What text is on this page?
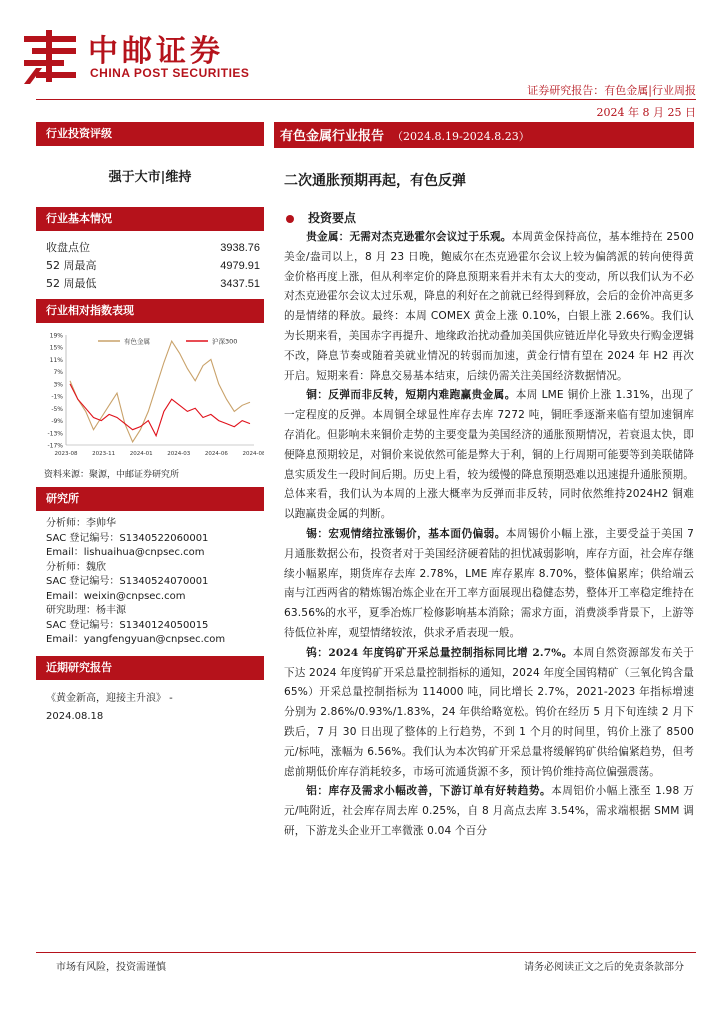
中邮证券
CHINA POST SECURITIES
证券研究报告：有色金属|行业周报
2024 年 8 月 25 日
行业投资评级
强于大市|维持
行业基本情况
收盘点位	3938.76
52 周最高	4979.91
52 周最低	3437.51
行业相对指数表现
19%
15%
11%
7%
3%
-1%
-5%
-9%
-13%
-17%
2023-08	2023-11	2024-01	2024-03	2024-06	2024-08
有色金属	沪深300
资料来源：聚源，中邮证券研究所
研究所
分析师：李帅华
SAC 登记编号：S1340522060001
Email：lishuaihua@cnpsec.com
分析师：魏欣
SAC 登记编号：S1340524070001
Email：weixin@cnpsec.com
研究助理：杨丰源
SAC 登记编号：S1340124050015
Email：yangfengyuan@cnpsec.com
近期研究报告
《黄金新高，迎接主升浪》 -
2024.08.18
有色金属行业报告 （2024.8.19-2024.8.23）
二次通胀预期再起，有色反弹
投资要点

贵金属：无需对杰克逊霍尔会议过于乐观。本周黄金保持高位，基本维持在 2500 美金/盎司以上，8 月 23 日晚，鲍威尔在杰克逊霍尔会议上较为偏鸽派的转向使得黄金价格再度上涨，但从利率定价的降息预期来看并未有太大的变动，所以我们认为不必对杰克逊霍尔会议太过乐观，降息的利好在之前就已经得到释放，会后的金价冲高更多的是情绪的释放。最终：本周 COMEX 黄金上涨 0.10%，白银上涨 2.66%。我们认为长期来看，美国赤字再提升、地缘政治扰动叠加美国供应链近岸化导致央行购金逻辑不改，降息节奏或随着美就业情况的转弱而加速，黄金行情有望在 2024 年 H2 再次开启。短期来看：降息交易基本结束，后续仍需关注美国经济数据情况。

铜：反弹而非反转，短期内难跑赢贵金属。本周 LME 铜价上涨 1.31%，出现了一定程度的反弹。本周铜全球显性库存去库 7272 吨，铜旺季逐渐来临有望加速铜库存消化。但影响未来铜价走势的主要变量为美国经济的通胀预期情况，若衰退太快，即便降息预期较足，对铜价来说依然可能是弊大于利，铜的上行周期可能要等到美联储降息实质发生一段时间后期。历史上看，较为缓慢的降息预期恐难以迅速提升通胀预期。总体来看，我们认为本周的上涨大概率为反弹而非反转，同时依然维持2024H2 铜难以跑赢贵金属的判断。

锡：宏观情绪拉涨锡价，基本面仍偏弱。本周锡价小幅上涨，主要受益于美国 7 月通胀数据公布，投资者对于美国经济硬着陆的担忧减弱影响，库存方面，社会库存继续小幅累库，期货库存去库 2.78%，LME 库存累库 8.70%，整体偏累库；供给端云南与江西两省的精炼锡冶炼企业在开工率方面展现出稳健态势，整体开工率稳定维持在 63.56%的水平，夏季冶炼厂检修影响基本消除；需求方面，消费淡季背景下，上游等待低位补库，观望情绪较浓，供求矛盾表现一般。

钨：2024 年度钨矿开采总量控制指标同比增 2.7%。本周自然资源部发布关于下达 2024 年度钨矿开采总量控制指标的通知，2024 年度全国钨精矿（三氧化钨含量 65%）开采总量控制指标为 114000 吨，同比增长 2.7%，2021-2023 年指标增速分别为 2.86%/0.93%/1.83%，24 年供给略宽松。钨价在经历 5 月下旬连续 2 月下跌后，7 月 30 日出现了整体的上行趋势，不到 1 个月的时间里，钨价上涨了 8500 元/标吨，涨幅为 6.56%。我们认为本次钨矿开采总量将缓解钨矿供给偏紧趋势，但考虑前期低价库存消耗较多，市场可流通货源不多，预计钨价维持高位偏强震荡。

铝：库存及需求小幅改善，下游订单有好转趋势。本周铝价小幅上涨至 1.98 万元/吨附近，社会库存周去库 0.25%，自 8 月高点去库 3.54%，需求端根据 SMM 调研，下游龙头企业开工率微涨 0.04 个百分

市场有风险，投资需谨慎	请务必阅读正文之后的免责条款部分
